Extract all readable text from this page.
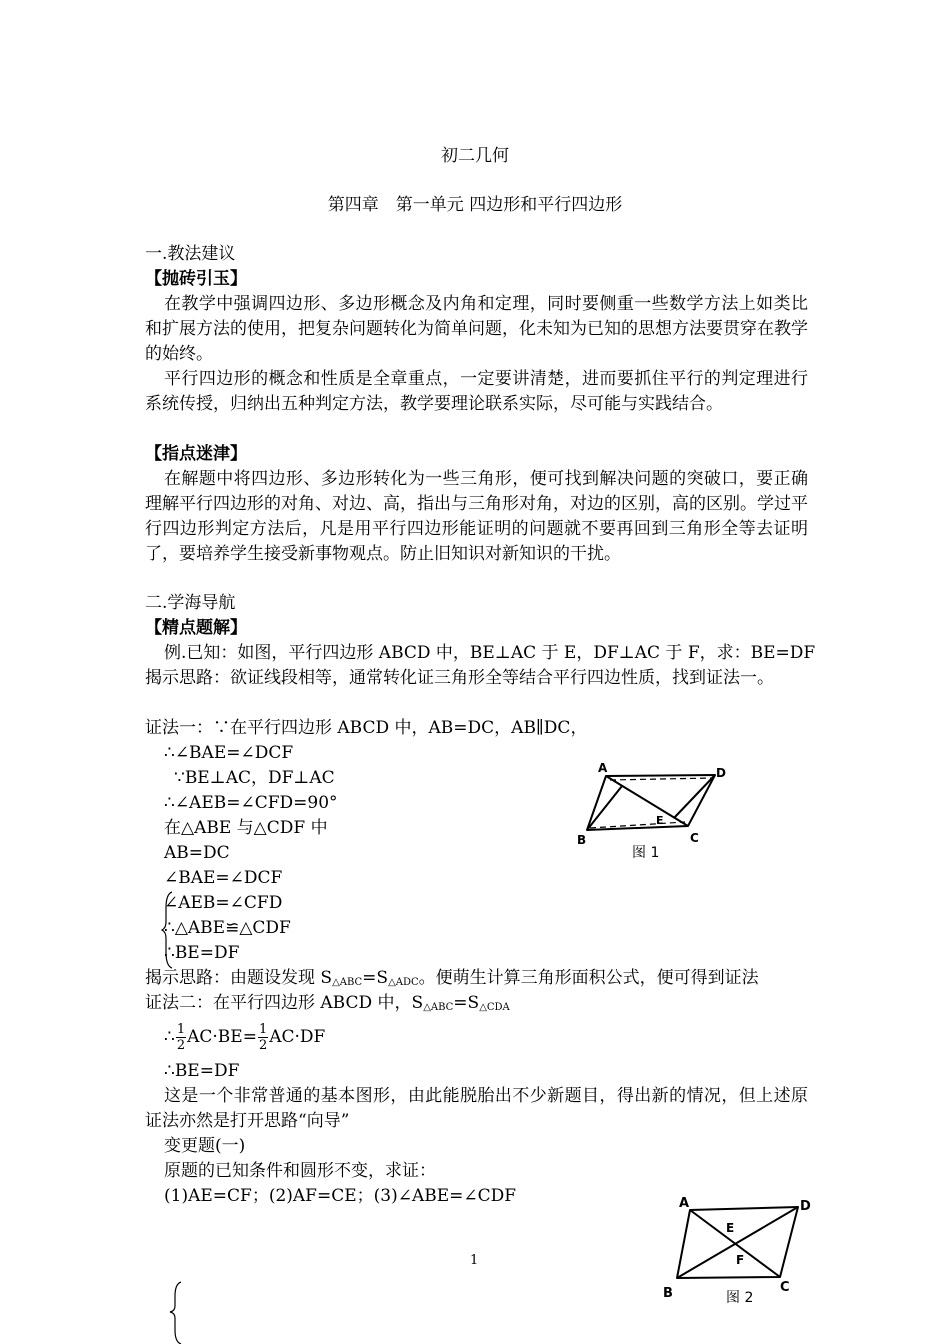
初二几何
第四章　第一单元 四边形和平行四边形
一.教法建议
【抛砖引玉】
在教学中强调四边形、多边形概念及内角和定理，同时要侧重一些数学方法上如类比和扩展方法的使用，把复杂问题转化为简单问题，化未知为已知的思想方法要贯穿在教学的始终。
平行四边形的概念和性质是全章重点，一定要讲清楚，进而要抓住平行的判定理进行系统传授，归纳出五种判定方法，教学要理论联系实际，尽可能与实践结合。
【指点迷津】
在解题中将四边形、多边形转化为一些三角形，便可找到解决问题的突破口，要正确理解平行四边形的对角、对边、高，指出与三角形对角，对边的区别，高的区别。学过平行四边形判定方法后，凡是用平行四边形能证明的问题就不要再回到三角形全等去证明了，要培养学生接受新事物观点。防止旧知识对新知识的干扰。
二.学海导航
【精点题解】
例.已知：如图，平行四边形 ABCD 中，BE⊥AC 于 E，DF⊥AC 于 F，求：BE=DF
揭示思路：欲证线段相等，通常转化证三角形全等结合平行四边性质，找到证法一。
证法一：∵在平行四边形 ABCD 中，AB=DC，AB∥DC，
∴∠BAE=∠DCF
∵BE⊥AC，DF⊥AC
∴∠AEB=∠CFD=90°
在△ABE 与△CDF 中
AB=DC
∠BAE=∠DCF
∠AEB=∠CFD
∴△ABE≌△CDF
∴BE=DF
揭示思路：由题设发现 $S_{\triangle ABC}=S_{\triangle ADC}$。便萌生计算三角形面积公式，便可得到证法
证法二：在平行四边形 ABCD 中，$S_{\triangle ABC}=S_{\triangle CDA}$
∴ $\frac{1}{2} AC\cdot BE= \frac{1}{2} AC\cdot DF$
∴BE=DF
这是一个非常普通的基本图形，由此能脱胎出不少新题目，得出新的情况，但上述原证法亦然是打开思路“向导”
变更题(一)
原题的已知条件和圆形不变，求证：
(1)AE=CF；(2)AF=CE；(3)∠ABE=∠CDF
1
A	D
B	C
E
图 1
A	D
B	C
E
F
图 2
